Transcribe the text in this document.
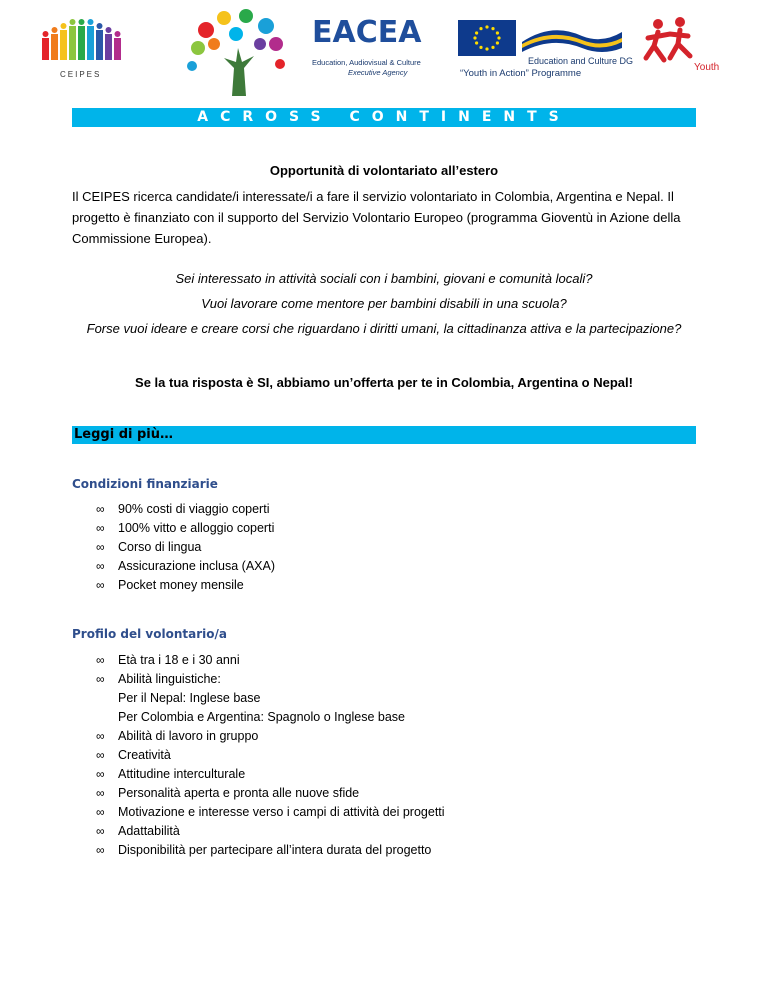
CEIPES
EACEA
Education, Audiovisual & Culture
Executive Agency
Education and Culture DG
“Youth in Action” Programme
Youth
ACROSS CONTINENTS
Opportunità di volontariato all’estero
Il CEIPES ricerca candidate/i interessate/i a fare il servizio volontariato in Colombia, Argentina e Nepal. Il progetto è finanziato con il supporto del Servizio Volontario Europeo (programma Gioventù in Azione della Commissione Europea).
Sei interessato in attività sociali con i bambini, giovani e comunità locali?
Vuoi lavorare come mentore per bambini disabili in una scuola?
Forse vuoi ideare e creare corsi che riguardano i diritti umani, la cittadinanza attiva e la partecipazione?
Se la tua risposta è SI, abbiamo un’offerta per te in Colombia, Argentina o Nepal!
Leggi di più…
Condizioni finanziarie
∞ 90% costi di viaggio coperti
∞ 100% vitto e alloggio coperti
∞ Corso di lingua
∞ Assicurazione inclusa (AXA)
∞ Pocket money mensile
Profilo del volontario/a
∞ Età tra i 18 e i 30 anni
∞ Abilità linguistiche:
Per il Nepal: Inglese base
Per Colombia e Argentina: Spagnolo o Inglese base
∞ Abilità di lavoro in gruppo
∞ Creatività
∞ Attitudine interculturale
∞ Personalità aperta e pronta alle nuove sfide
∞ Motivazione e interesse verso i campi di attività dei progetti
∞ Adattabilità
∞ Disponibilità per partecipare all’intera durata del progetto
